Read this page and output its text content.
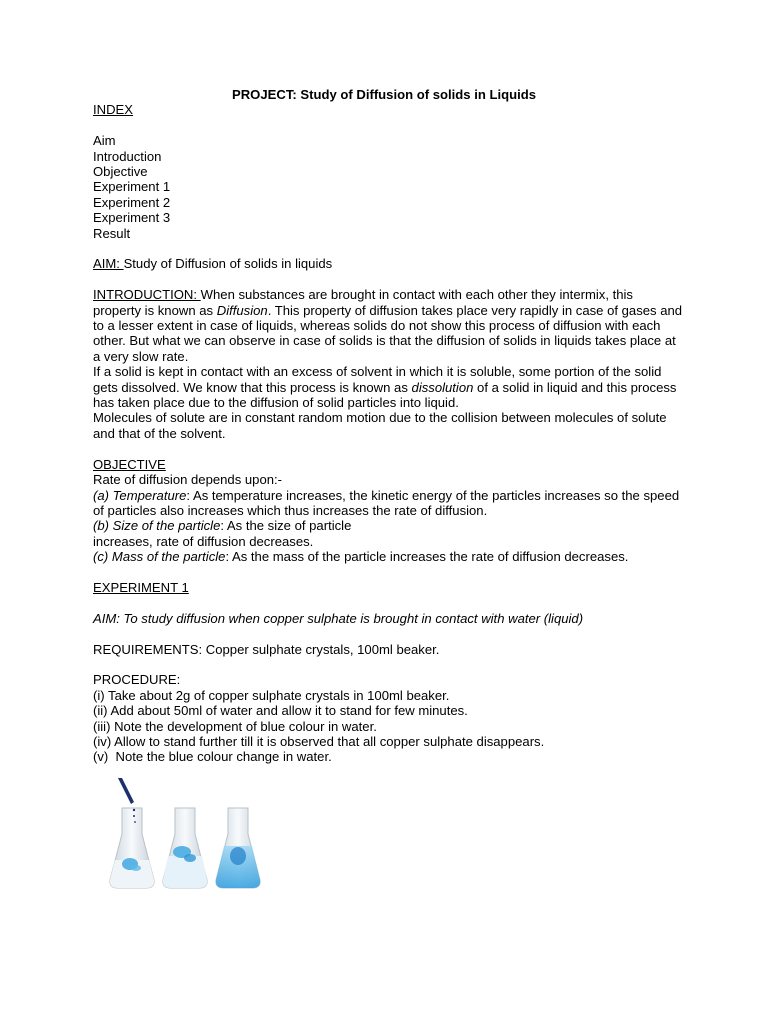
PROJECT: Study of Diffusion of solids in Liquids

INDEX

Aim

Introduction

Objective

Experiment 1

Experiment 2

Experiment 3

Result

AIM: Study of Diffusion of solids in liquids

INTRODUCTION: When substances are brought in contact with each other they intermix, this property is known as Diffusion. This property of diffusion takes place very rapidly in case of gases and to a lesser extent in case of liquids, whereas solids do not show this process of diffusion with each other. But what we can observe in case of solids is that the diffusion of solids in liquids takes place at a very slow rate.

If a solid is kept in contact with an excess of solvent in which it is soluble, some portion of the solid gets dissolved. We know that this process is known as dissolution of a solid in liquid and this process has taken place due to the diffusion of solid particles into liquid.

Molecules of solute are in constant random motion due to the collision between molecules of solute and that of the solvent.

OBJECTIVE

Rate of diffusion depends upon:-

(a) Temperature: As temperature increases, the kinetic energy of the particles increases so the speed of particles also increases which thus increases the rate of diffusion.

(b) Size of the particle: As the size of particle

increases, rate of diffusion decreases.

(c) Mass of the particle: As the mass of the particle increases the rate of diffusion decreases.

EXPERIMENT 1

AIM: To study diffusion when copper sulphate is brought in contact with water (liquid)

REQUIREMENTS: Copper sulphate crystals, 100ml beaker.

PROCEDURE:

(i) Take about 2g of copper sulphate crystals in 100ml beaker.

(ii) Add about 50ml of water and allow it to stand for few minutes.

(iii) Note the development of blue colour in water.

(iv) Allow to stand further till it is observed that all copper sulphate disappears.

(v)  Note the blue colour change in water.
